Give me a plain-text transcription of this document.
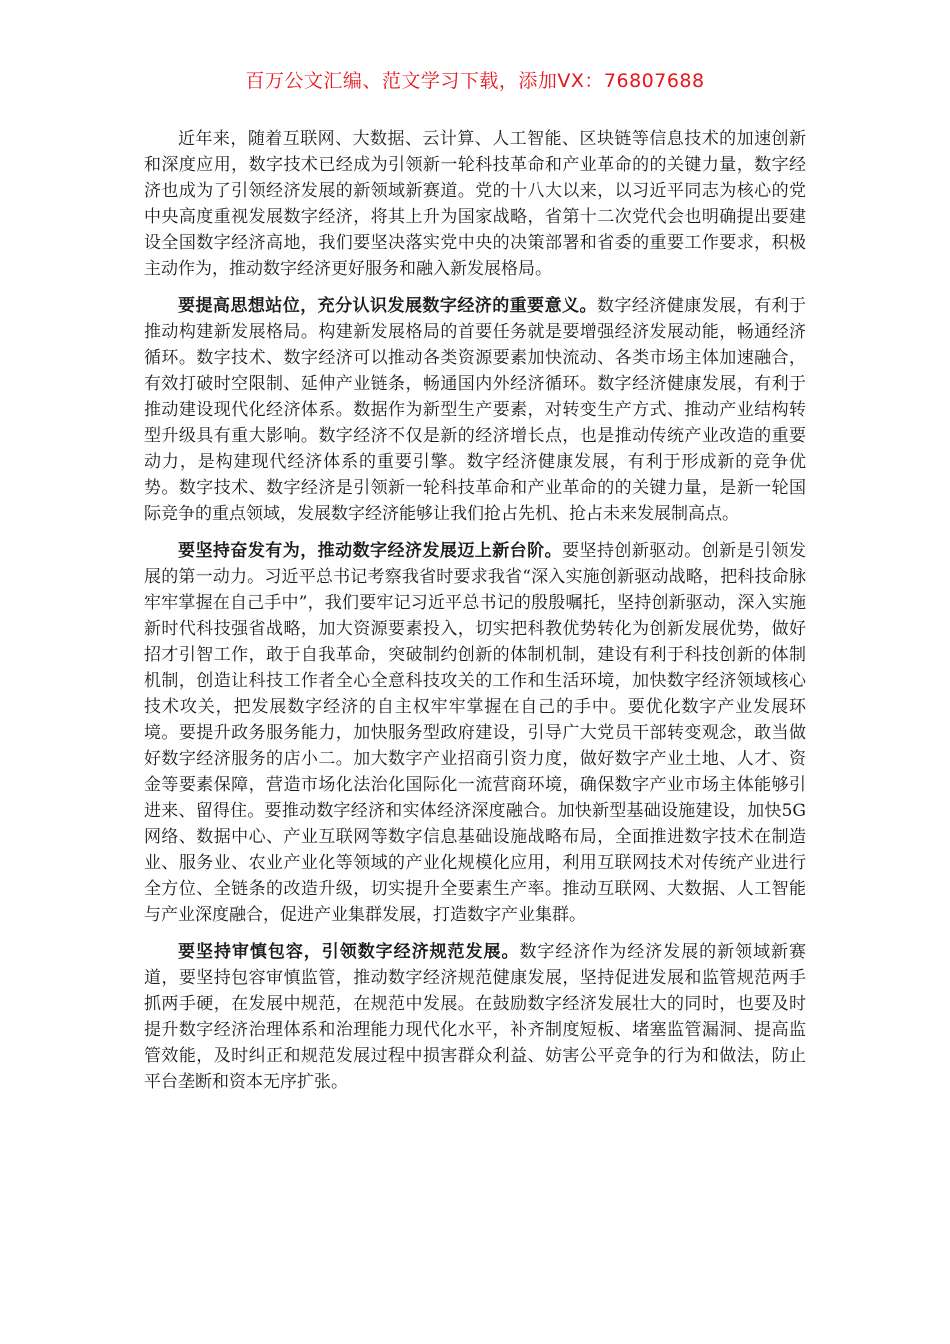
百万公文汇编、范文学习下载，添加VX：76807688

近年来，随着互联网、大数据、云计算、人工智能、区块链等信息技术的加速创新和深度应用，数字技术已经成为引领新一轮科技革命和产业革命的的关键力量，数字经济也成为了引领经济发展的新领域新赛道。党的十八大以来，以习近平同志为核心的党中央高度重视发展数字经济，将其上升为国家战略，省第十二次党代会也明确提出要建设全国数字经济高地，我们要坚决落实党中央的决策部署和省委的重要工作要求，积极主动作为，推动数字经济更好服务和融入新发展格局。

要提高思想站位，充分认识发展数字经济的重要意义。数字经济健康发展，有利于推动构建新发展格局。构建新发展格局的首要任务就是要增强经济发展动能，畅通经济循环。数字技术、数字经济可以推动各类资源要素加快流动、各类市场主体加速融合，有效打破时空限制、延伸产业链条，畅通国内外经济循环。数字经济健康发展，有利于推动建设现代化经济体系。数据作为新型生产要素，对转变生产方式、推动产业结构转型升级具有重大影响。数字经济不仅是新的经济增长点，也是推动传统产业改造的重要动力，是构建现代经济体系的重要引擎。数字经济健康发展，有利于形成新的竞争优势。数字技术、数字经济是引领新一轮科技革命和产业革命的的关键力量，是新一轮国际竞争的重点领域，发展数字经济能够让我们抢占先机、抢占未来发展制高点。

要坚持奋发有为，推动数字经济发展迈上新台阶。要坚持创新驱动。创新是引领发展的第一动力。习近平总书记考察我省时要求我省“深入实施创新驱动战略，把科技命脉牢牢掌握在自己手中”，我们要牢记习近平总书记的殷殷嘱托，坚持创新驱动，深入实施新时代科技强省战略，加大资源要素投入，切实把科教优势转化为创新发展优势，做好招才引智工作，敢于自我革命，突破制约创新的体制机制，建设有利于科技创新的体制机制，创造让科技工作者全心全意科技攻关的工作和生活环境，加快数字经济领域核心技术攻关，把发展数字经济的自主权牢牢掌握在自己的手中。要优化数字产业发展环境。要提升政务服务能力，加快服务型政府建设，引导广大党员干部转变观念，敢当做好数字经济服务的店小二。加大数字产业招商引资力度，做好数字产业土地、人才、资金等要素保障，营造市场化法治化国际化一流营商环境，确保数字产业市场主体能够引进来、留得住。要推动数字经济和实体经济深度融合。加快新型基础设施建设，加快5G网络、数据中心、产业互联网等数字信息基础设施战略布局，全面推进数字技术在制造业、服务业、农业产业化等领域的产业化规模化应用，利用互联网技术对传统产业进行全方位、全链条的改造升级，切实提升全要素生产率。推动互联网、大数据、人工智能与产业深度融合，促进产业集群发展，打造数字产业集群。

要坚持审慎包容，引领数字经济规范发展。数字经济作为经济发展的新领域新赛道，要坚持包容审慎监管，推动数字经济规范健康发展，坚持促进发展和监管规范两手抓两手硬，在发展中规范，在规范中发展。在鼓励数字经济发展壮大的同时，也要及时提升数字经济治理体系和治理能力现代化水平，补齐制度短板、堵塞监管漏洞、提高监管效能，及时纠正和规范发展过程中损害群众利益、妨害公平竞争的行为和做法，防止平台垄断和资本无序扩张。
